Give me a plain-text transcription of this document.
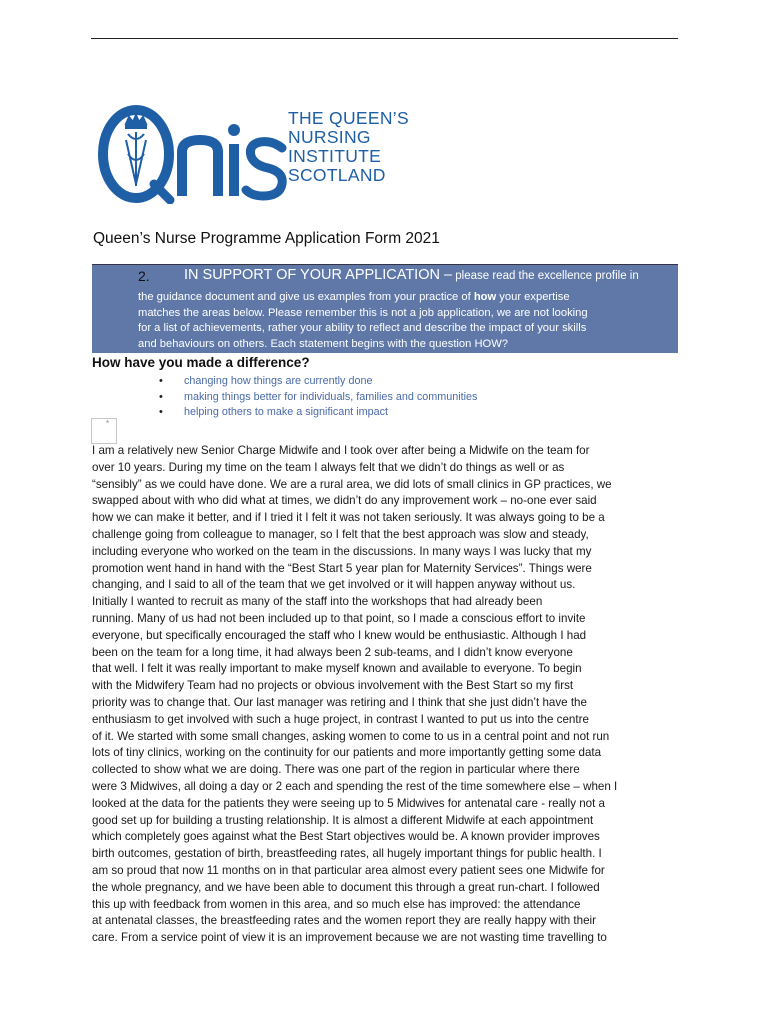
THE QUEEN’S
NURSING
INSTITUTE
SCOTLAND
Queen’s Nurse Programme Application Form 2021
2. IN SUPPORT OF YOUR APPLICATION – please read the excellence profile in
the guidance document and give us examples from your practice of how your expertise
matches the areas below. Please remember this is not a job application, we are not looking
for a list of achievements, rather your ability to reflect and describe the impact of your skills
and behaviours on others. Each statement begins with the question HOW?
How have you made a difference?
• changing how things are currently done
• making things better for individuals, families and communities
• helping others to make a significant impact
*
I am a relatively new Senior Charge Midwife and I took over after being a Midwife on the team for
over 10 years. During my time on the team I always felt that we didn’t do things as well or as
“sensibly” as we could have done. We are a rural area, we did lots of small clinics in GP practices, we
swapped about with who did what at times, we didn’t do any improvement work – no-one ever said
how we can make it better, and if I tried it I felt it was not taken seriously. It was always going to be a
challenge going from colleague to manager, so I felt that the best approach was slow and steady,
including everyone who worked on the team in the discussions. In many ways I was lucky that my
promotion went hand in hand with the “Best Start 5 year plan for Maternity Services”. Things were
changing, and I said to all of the team that we get involved or it will happen anyway without us.
Initially I wanted to recruit as many of the staff into the workshops that had already been
running. Many of us had not been included up to that point, so I made a conscious effort to invite
everyone, but specifically encouraged the staff who I knew would be enthusiastic. Although I had
been on the team for a long time, it had always been 2 sub-teams, and I didn’t know everyone
that well. I felt it was really important to make myself known and available to everyone. To begin
with the Midwifery Team had no projects or obvious involvement with the Best Start so my first
priority was to change that. Our last manager was retiring and I think that she just didn’t have the
enthusiasm to get involved with such a huge project, in contrast I wanted to put us into the centre
of it. We started with some small changes, asking women to come to us in a central point and not run
lots of tiny clinics, working on the continuity for our patients and more importantly getting some data
collected to show what we are doing. There was one part of the region in particular where there
were 3 Midwives, all doing a day or 2 each and spending the rest of the time somewhere else – when I
looked at the data for the patients they were seeing up to 5 Midwives for antenatal care - really not a
good set up for building a trusting relationship. It is almost a different Midwife at each appointment
which completely goes against what the Best Start objectives would be. A known provider improves
birth outcomes, gestation of birth, breastfeeding rates, all hugely important things for public health. I
am so proud that now 11 months on in that particular area almost every patient sees one Midwife for
the whole pregnancy, and we have been able to document this through a great run-chart. I followed
this up with feedback from women in this area, and so much else has improved: the attendance
at antenatal classes, the breastfeeding rates and the women report they are really happy with their
care. From a service point of view it is an improvement because we are not wasting time travelling to
